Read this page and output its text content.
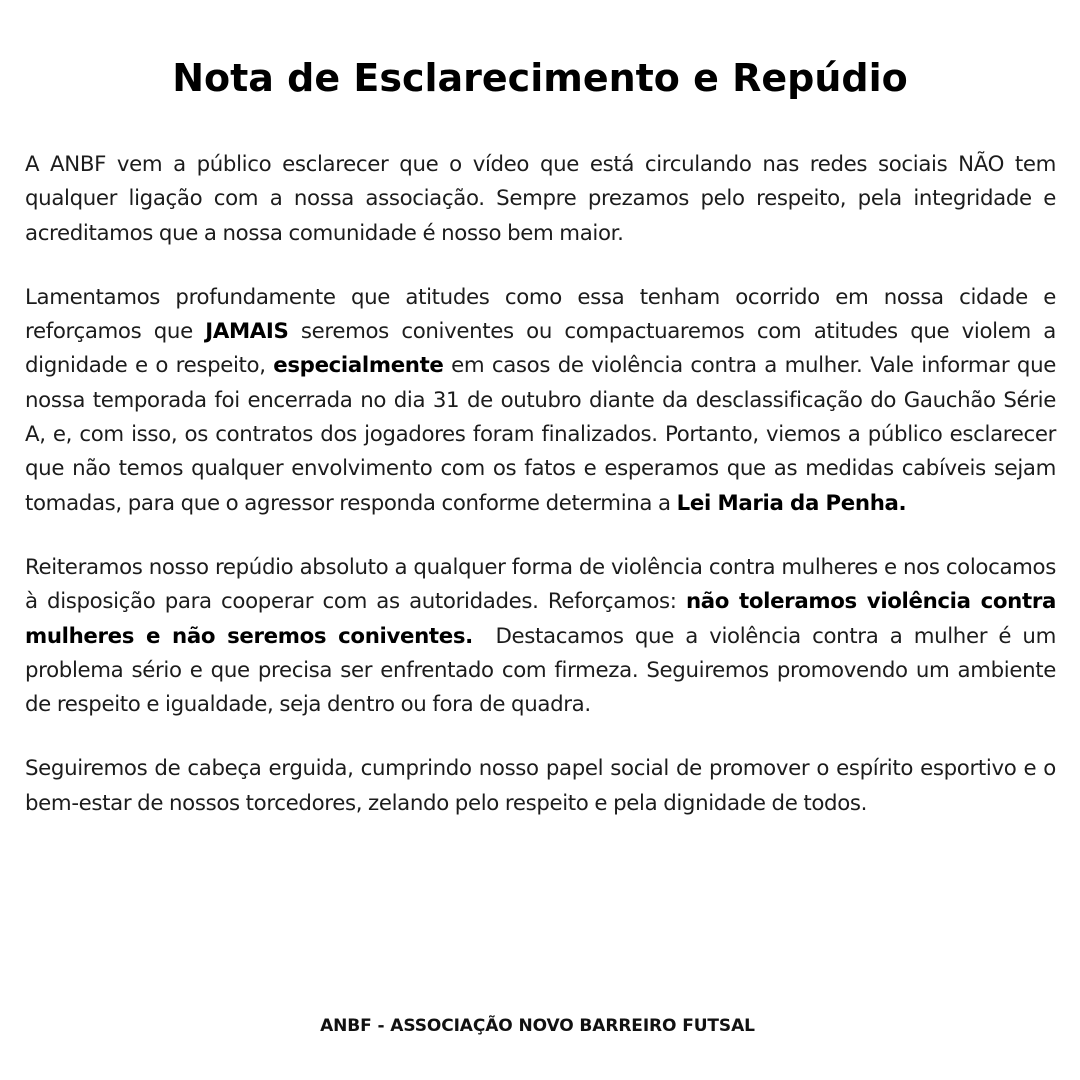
Nota de Esclarecimento e Repúdio

A ANBF vem a público esclarecer que o vídeo que está circulando nas redes sociais NÃO tem qualquer ligação com a nossa associação. Sempre prezamos pelo respeito, pela integridade e acreditamos que a nossa comunidade é nosso bem maior.

Lamentamos profundamente que atitudes como essa tenham ocorrido em nossa cidade e reforçamos que JAMAIS seremos coniventes ou compactuaremos com atitudes que violem a dignidade e o respeito, especialmente em casos de violência contra a mulher. Vale informar que nossa temporada foi encerrada no dia 31 de outubro diante da desclassificação do Gauchão Série A, e, com isso, os contratos dos jogadores foram finalizados. Portanto, viemos a público esclarecer que não temos qualquer envolvimento com os fatos e esperamos que as medidas cabíveis sejam tomadas, para que o agressor responda conforme determina a Lei Maria da Penha.

Reiteramos nosso repúdio absoluto a qualquer forma de violência contra mulheres e nos colocamos à disposição para cooperar com as autoridades. Reforçamos: não toleramos violência contra mulheres e não seremos coniventes.  Destacamos que a violência contra a mulher é um problema sério e que precisa ser enfrentado com firmeza. Seguiremos promovendo um ambiente de respeito e igualdade, seja dentro ou fora de quadra.

Seguiremos de cabeça erguida, cumprindo nosso papel social de promover o espírito esportivo e o bem-estar de nossos torcedores, zelando pelo respeito e pela dignidade de todos.

ANBF - ASSOCIAÇÃO NOVO BARREIRO FUTSAL
